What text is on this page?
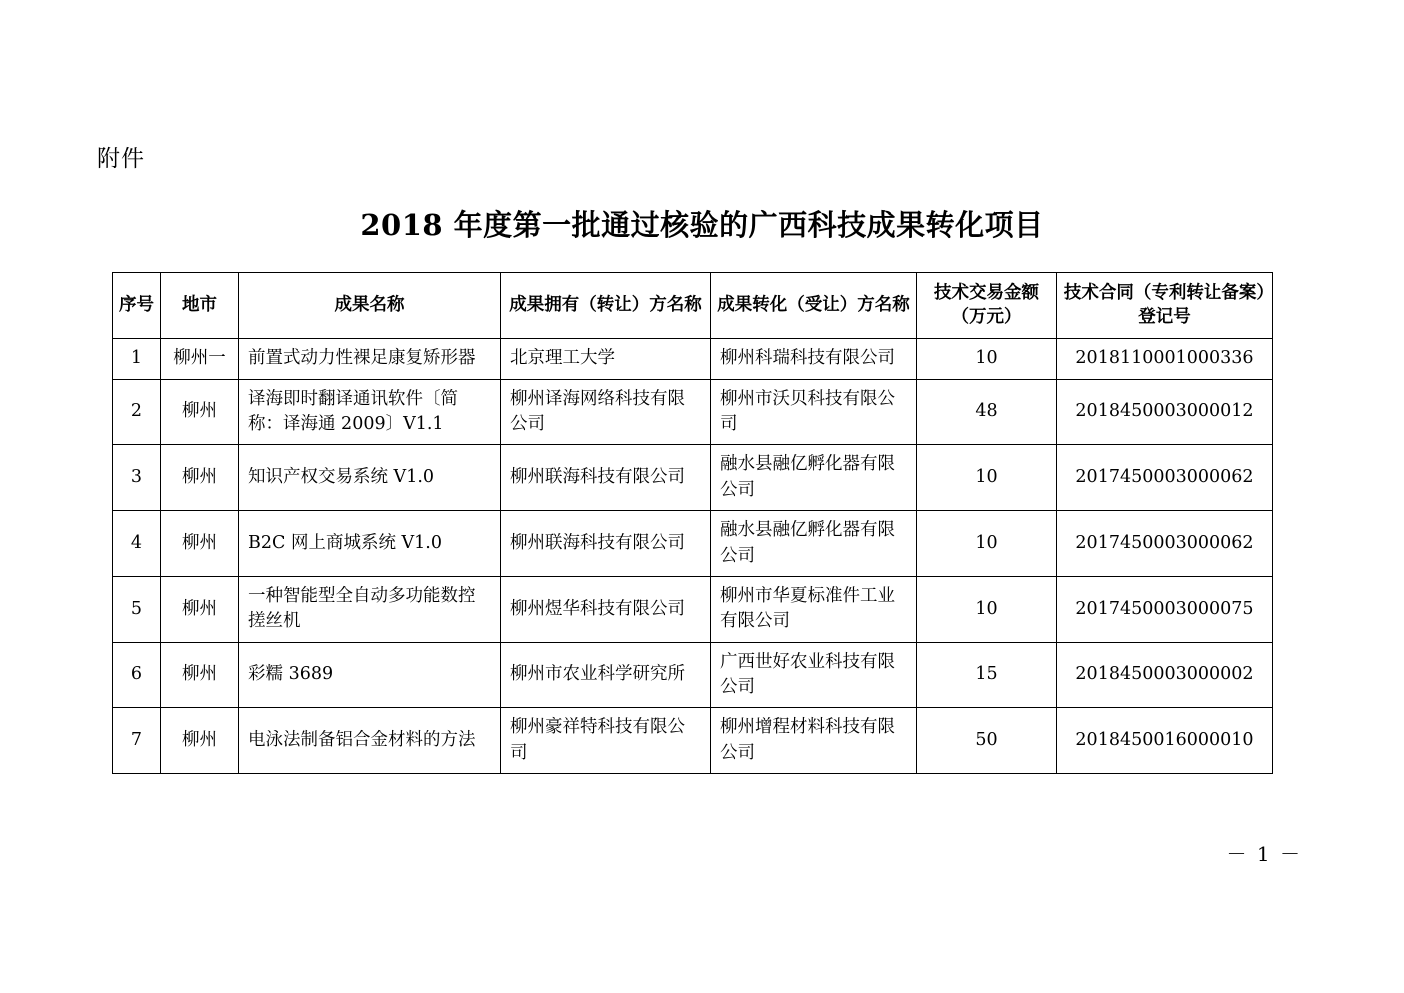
附件
2018 年度第一批通过核验的广西科技成果转化项目
序号	地市	成果名称	成果拥有（转让）方名称	成果转化（受让）方名称	技术交易金额（万元）	技术合同（专利转让备案）登记号
1	柳州一	前置式动力性裸足康复矫形器	北京理工大学	柳州科瑞科技有限公司	10	2018110001000336
2	柳州	译海即时翻译通讯软件〔简称：译海通 2009〕V1.1	柳州译海网络科技有限公司	柳州市沃贝科技有限公司	48	2018450003000012
3	柳州	知识产权交易系统 V1.0	柳州联海科技有限公司	融水县融亿孵化器有限公司	10	2017450003000062
4	柳州	B2C 网上商城系统 V1.0	柳州联海科技有限公司	融水县融亿孵化器有限公司	10	2017450003000062
5	柳州	一种智能型全自动多功能数控搓丝机	柳州煜华科技有限公司	柳州市华夏标准件工业有限公司	10	2017450003000075
6	柳州	彩糯 3689	柳州市农业科学研究所	广西世好农业科技有限公司	15	2018450003000002
7	柳州	电泳法制备铝合金材料的方法	柳州豪祥特科技有限公司	柳州增程材料科技有限公司	50	2018450016000010
－ 1 －
